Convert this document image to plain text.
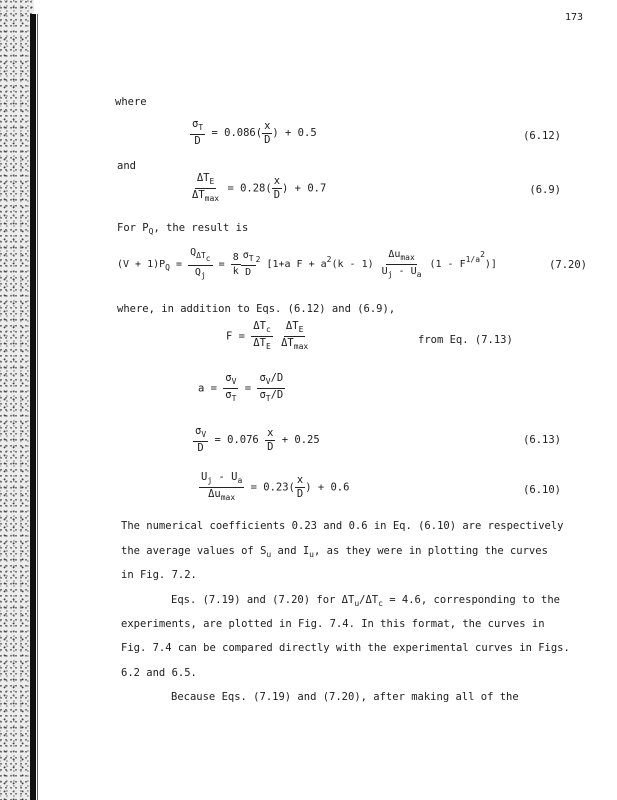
173
where
$\frac{\sigma_T}{D} = 0.086( \frac{x}{D}$ ) + 0.5	(6.12)
and
$\frac{\Delta T_E}{\Delta T_{max}} = 0.28( \frac{x}{D}$ ) + 0.7	(6.9)
For $P_Q$, the result is
$(V + 1)P_Q = \frac{Q_{\Delta T_c}}{Q_j} = \frac{8}{k} \frac{\sigma_T}{D} ^2$ [1+a $F + a^2(k - 1) \frac{\Delta u_{max}}{U_j - U_a} (1 - F^{1/a^2})$]	(7.20)
where, in addition to Eqs. (6.12) and (6.9),
$F = \frac{\Delta T_c}{\Delta T_E}$
$\frac{\Delta T_E}{\Delta T_{max}}$	from Eq. (7.13)
$a = \frac{\sigma_V}{\sigma_T} = \frac{\sigma_V/D}{\sigma_T/D}$
$\frac{\sigma_V}{D} = 0.076 \frac{x}{D} + 0.25$	(6.13)
$\frac{U_j - U_a}{\Delta u_{max}} = 0.23( \frac{x}{D}$ ) + 0.6	(6.10)
The numerical coefficients 0.23 and 0.6 in Eq. (6.10) are respectively
the average values of $S_u$ and $I_u$, as they were in plotting the curves
in Fig. 7.2.
Eqs. (7.19) and (7.20) for $\Delta T_u/\Delta T_c = 4.6$, corresponding to the
experiments, are plotted in Fig. 7.4. In this format, the curves in
Fig. 7.4 can be compared directly with the experimental curves in Figs.
6.2 and 6.5.
Because Eqs. (7.19) and (7.20), after making all of the
